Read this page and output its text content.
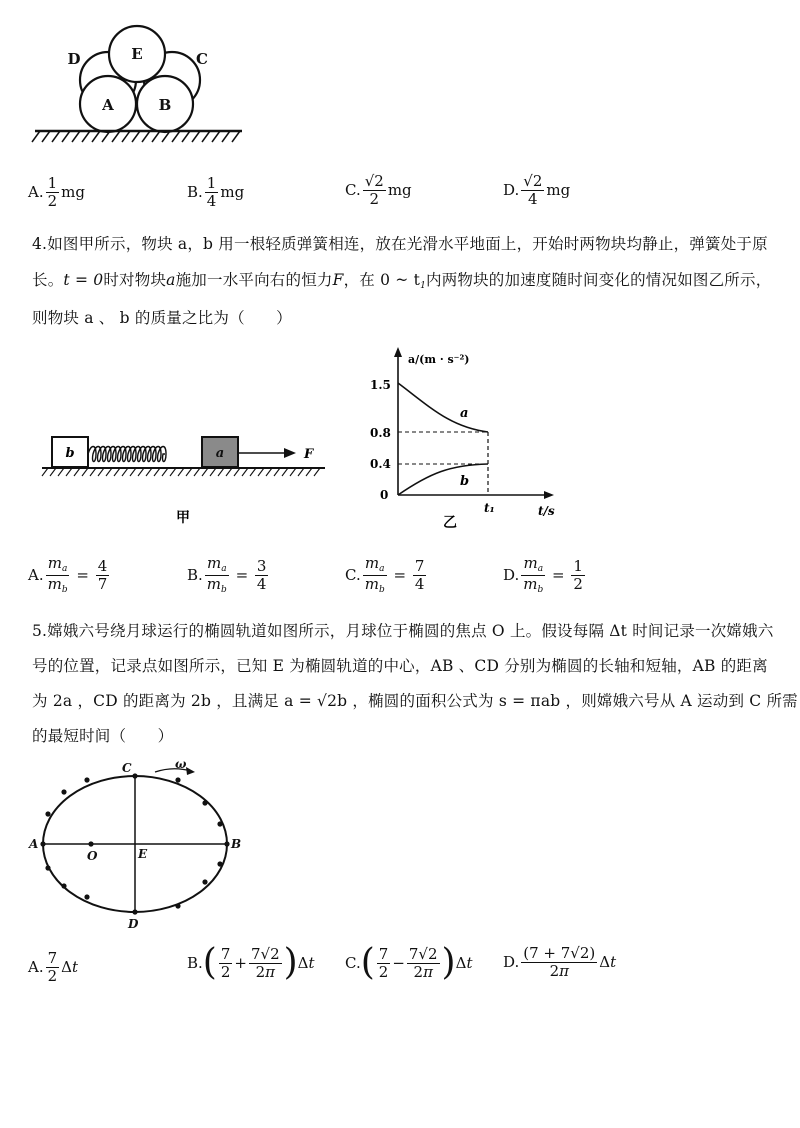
D	E	C
A	B
A. $\frac{1}{2}$ mg	B. $\frac{1}{4}$ mg	C. $\frac{√2}{2}$ mg	D. $\frac{√2}{4}$ mg
4.如图甲所示，物块 a，b 用一根轻质弹簧相连，放在光滑水平地面上，开始时两物块均静止，弹簧处于原
长。t = 0时对物块a施加一水平向右的恒力F，在 0 ~ $t_1$内两物块的加速度随时间变化的情况如图乙所示，
则物块 a 、 b 的质量之比为（　　）
b	a	F
甲
a/(m · s⁻²)
t/s
1.5
0.8
0.4
0
a
b
t₁
乙
A. $\frac{m_a}{m_b} = \frac{4}{7}$	B. $\frac{m_a}{m_b} = \frac{3}{4}$	C. $\frac{m_a}{m_b} = \frac{7}{4}$	D. $\frac{m_a}{m_b} = \frac{1}{2}$
5.嫦娥六号绕月球运行的椭圆轨道如图所示，月球位于椭圆的焦点 O 上。假设每隔 Δt 时间记录一次嫦娥六
号的位置，记录点如图所示，已知 E 为椭圆轨道的中心，AB 、CD 分别为椭圆的长轴和短轴，AB 的距离
为 2a ，CD 的距离为 2b ，且满足 a = √2b ，椭圆的面积公式为 s = πab ，则嫦娥六号从 A 运动到 C 所需
的最短时间（　　）
A	B
C
D
O	E
ω
A. $\frac{7}{2}$ Δt	B. ( $\frac{7}{2} + \frac{7√2}{2\pi}$ ) Δt C. ( $\frac{7}{2} - \frac{7√2}{2\pi}$ ) Δt D. $\frac{(7 + 7√2)}{2\pi}$ Δt
